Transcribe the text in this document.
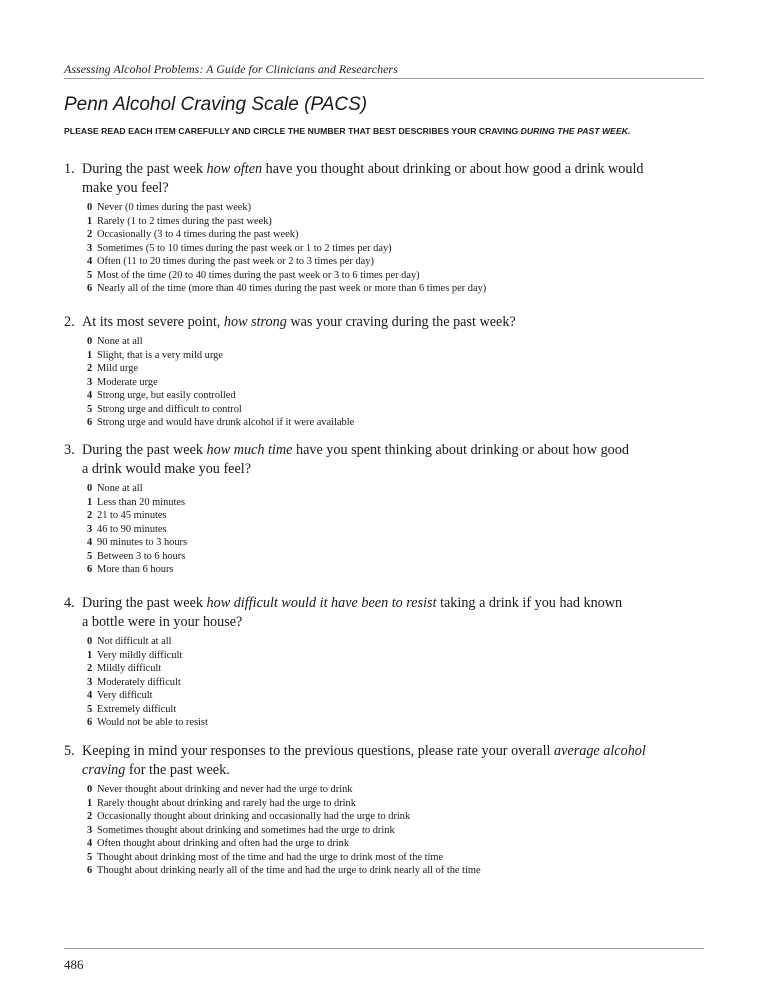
Assessing Alcohol Problems: A Guide for Clinicians and Researchers
Penn Alcohol Craving Scale (PACS)
PLEASE READ EACH ITEM CAREFULLY AND CIRCLE THE NUMBER THAT BEST DESCRIBES YOUR CRAVING DURING THE PAST WEEK.
1. During the past week how often have you thought about drinking or about how good a drink would
make you feel?
0 Never (0 times during the past week)
1 Rarely (1 to 2 times during the past week)
2 Occasionally (3 to 4 times during the past week)
3 Sometimes (5 to 10 times during the past week or 1 to 2 times per day)
4 Often (11 to 20 times during the past week or 2 to 3 times per day)
5 Most of the time (20 to 40 times during the past week or 3 to 6 times per day)
6 Nearly all of the time (more than 40 times during the past week or more than 6 times per day)
2. At its most severe point, how strong was your craving during the past week?
0 None at all
1 Slight, that is a very mild urge
2 Mild urge
3 Moderate urge
4 Strong urge, but easily controlled
5 Strong urge and difficult to control
6 Strong urge and would have drunk alcohol if it were available
3. During the past week how much time have you spent thinking about drinking or about how good
a drink would make you feel?
0 None at all
1 Less than 20 minutes
2 21 to 45 minutes
3 46 to 90 minutes
4 90 minutes to 3 hours
5 Between 3 to 6 hours
6 More than 6 hours
4. During the past week how difficult would it have been to resist taking a drink if you had known
a bottle were in your house?
0 Not difficult at all
1 Very mildly difficult
2 Mildly difficult
3 Moderately difficult
4 Very difficult
5 Extremely difficult
6 Would not be able to resist
5. Keeping in mind your responses to the previous questions, please rate your overall average alcohol
craving for the past week.
0 Never thought about drinking and never had the urge to drink
1 Rarely thought about drinking and rarely had the urge to drink
2 Occasionally thought about drinking and occasionally had the urge to drink
3 Sometimes thought about drinking and sometimes had the urge to drink
4 Often thought about drinking and often had the urge to drink
5 Thought about drinking most of the time and had the urge to drink most of the time
6 Thought about drinking nearly all of the time and had the urge to drink nearly all of the time
486
